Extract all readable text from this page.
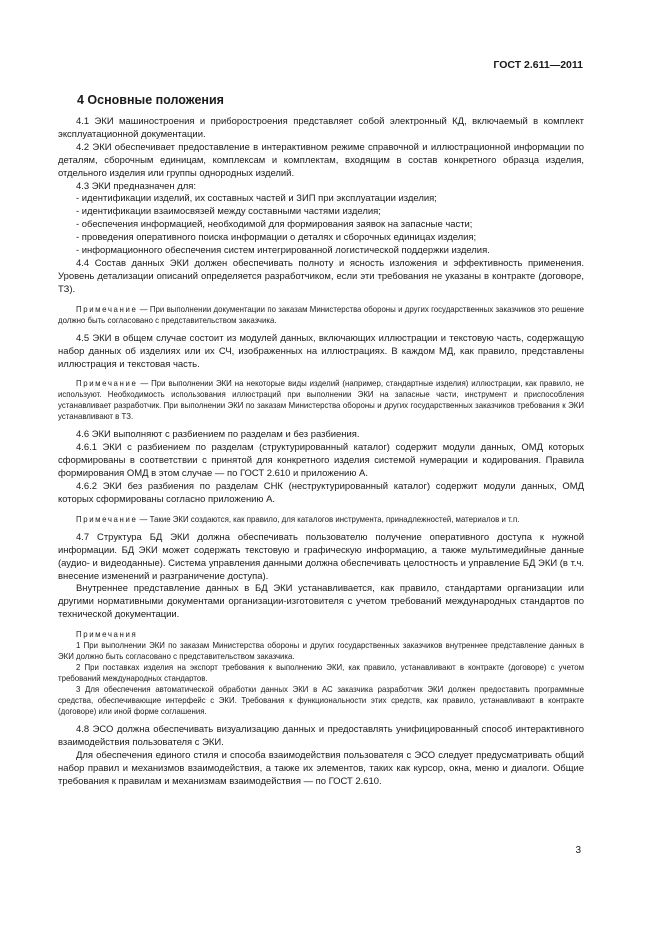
ГОСТ 2.611—2011
4 Основные положения

4.1 ЭКИ машиностроения и приборостроения представляет собой электронный КД, включаемый в комплект эксплуатационной документации.

4.2 ЭКИ обеспечивает предоставление в интерактивном режиме справочной и иллюстрационной информации по деталям, сборочным единицам, комплексам и комплектам, входящим в состав конкретного образца изделия, отдельного изделия или группы однородных изделий.

4.3 ЭКИ предназначен для:

- идентификации изделий, их составных частей и ЗИП при эксплуатации изделия;

- идентификации взаимосвязей между составными частями изделия;

- обеспечения информацией, необходимой для формирования заявок на запасные части;

- проведения оперативного поиска информации о деталях и сборочных единицах изделия;

- информационного обеспечения систем интегрированной логистической поддержки изделия.

4.4 Состав данных ЭКИ должен обеспечивать полноту и ясность изложения и эффективность применения. Уровень детализации описаний определяется разработчиком, если эти требования не указаны в контракте (договоре, ТЗ).

Примечание — При выполнении документации по заказам Министерства обороны и других государственных заказчиков это решение должно быть согласовано с представительством заказчика.

4.5 ЭКИ в общем случае состоит из модулей данных, включающих иллюстрации и текстовую часть, содержащую набор данных об изделиях или их СЧ, изображенных на иллюстрациях. В каждом МД, как правило, представлены иллюстрация и текстовая часть.

Примечание — При выполнении ЭКИ на некоторые виды изделий (например, стандартные изделия) иллюстрации, как правило, не используют. Необходимость использования иллюстраций при выполнении ЭКИ на запасные части, инструмент и приспособления устанавливает разработчик. При выполнении ЭКИ по заказам Министерства обороны и других государственных заказчиков требования к ЭКИ устанавливают в ТЗ.

4.6 ЭКИ выполняют с разбиением по разделам и без разбиения.

4.6.1 ЭКИ с разбиением по разделам (структурированный каталог) содержит модули данных, ОМД которых сформированы в соответствии с принятой для конкретного изделия системой нумерации и кодирования. Правила формирования ОМД в этом случае — по ГОСТ 2.610 и приложению А.

4.6.2 ЭКИ без разбиения по разделам СНК (неструктурированный каталог) содержит модули данных, ОМД которых сформированы согласно приложению А.

Примечание — Такие ЭКИ создаются, как правило, для каталогов инструмента, принадлежностей, материалов и т.п.

4.7 Структура БД ЭКИ должна обеспечивать пользователю получение оперативного доступа к нужной информации. БД ЭКИ может содержать текстовую и графическую информацию, а также мультимедийные данные (аудио- и видеоданные). Система управления данными должна обеспечивать целостность и управление БД ЭКИ (в т.ч. внесение изменений и разграничение доступа).

Внутреннее представление данных в БД ЭКИ устанавливается, как правило, стандартами организации или другими нормативными документами организации-изготовителя с учетом требований международных стандартов по технической документации.

Примечания

1 При выполнении ЭКИ по заказам Министерства обороны и других государственных заказчиков внутреннее представление данных в ЭКИ должно быть согласовано с представительством заказчика.

2 При поставках изделия на экспорт требования к выполнению ЭКИ, как правило, устанавливают в контракте (договоре) с учетом требований международных стандартов.

3 Для обеспечения автоматической обработки данных ЭКИ в АС заказчика разработчик ЭКИ должен предоставить программные средства, обеспечивающие интерфейс с ЭКИ. Требования к функциональности этих средств, как правило, устанавливают в контракте (договоре) или иной форме соглашения.

4.8 ЭСО должна обеспечивать визуализацию данных и предоставлять унифицированный способ интерактивного взаимодействия пользователя с ЭКИ.

Для обеспечения единого стиля и способа взаимодействия пользователя с ЭСО следует предусматривать общий набор правил и механизмов взаимодействия, а также их элементов, таких как курсор, окна, меню и диалоги. Общие требования к правилам и механизмам взаимодействия — по ГОСТ 2.610.

3
